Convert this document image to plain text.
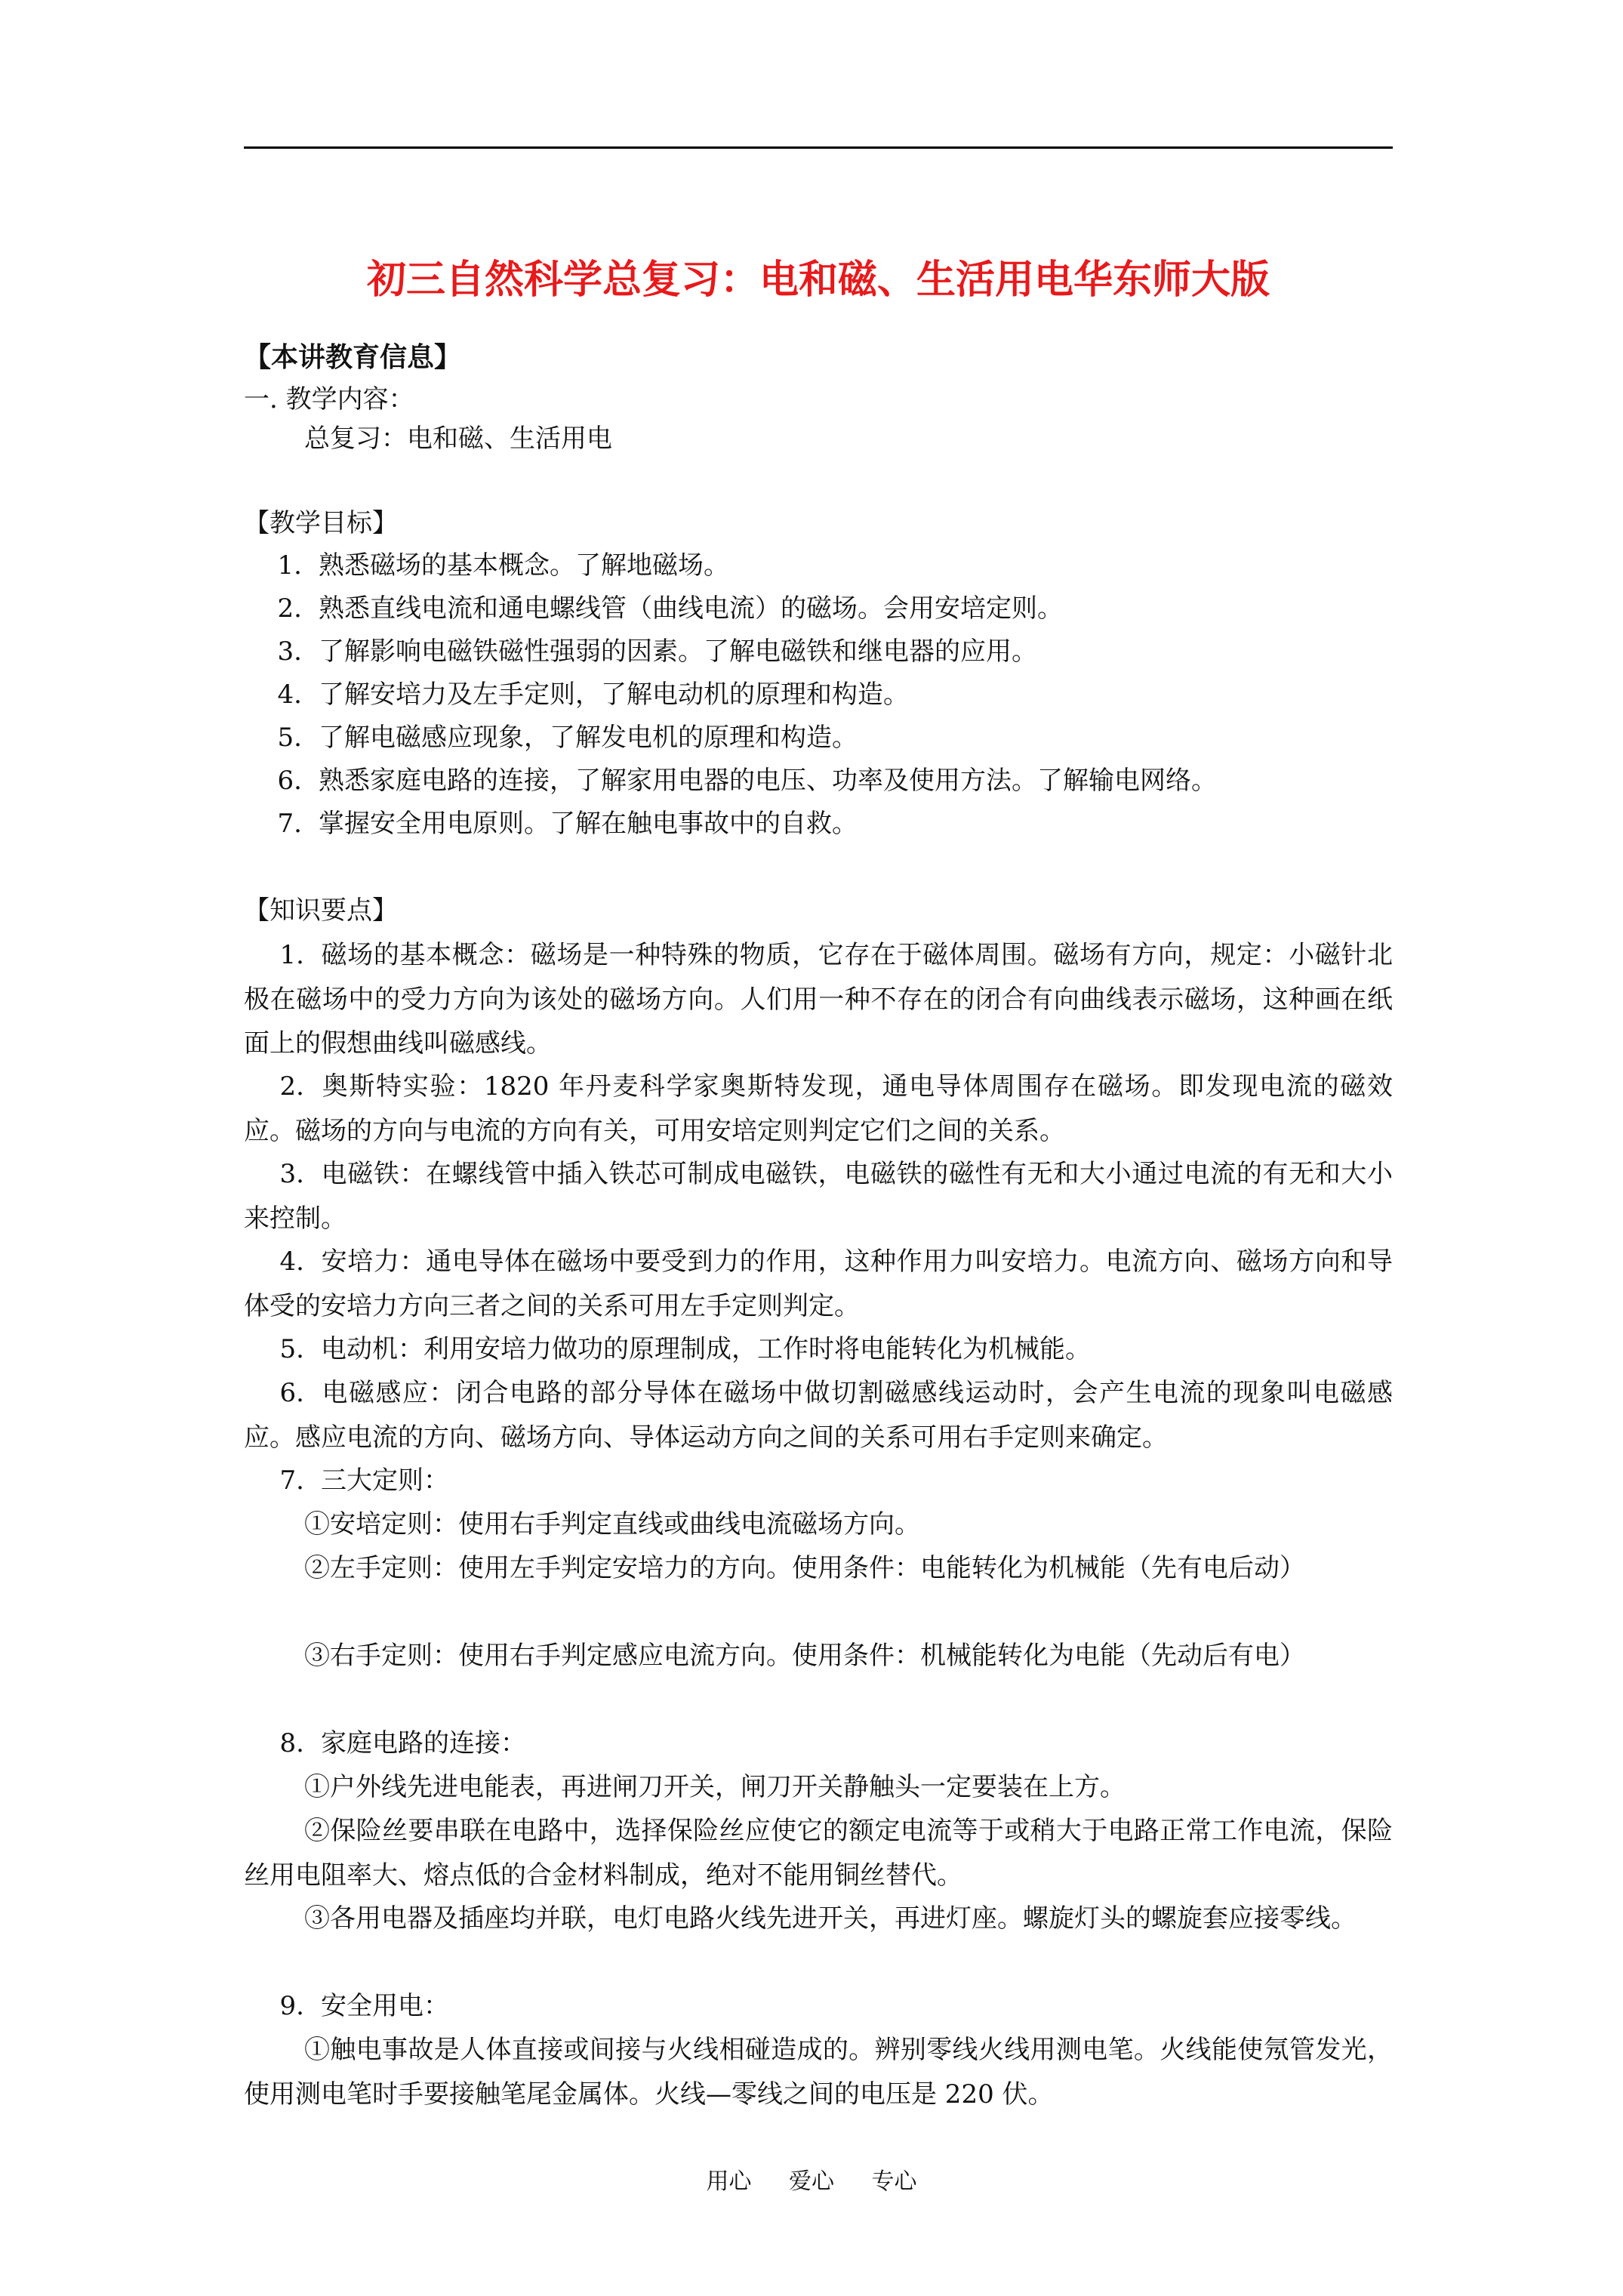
初三自然科学总复习：电和磁、生活用电华东师大版
【本讲教育信息】
一. 教学内容：
总复习：电和磁、生活用电
【教学目标】
1. 熟悉磁场的基本概念。了解地磁场。
2. 熟悉直线电流和通电螺线管（曲线电流）的磁场。会用安培定则。
3. 了解影响电磁铁磁性强弱的因素。了解电磁铁和继电器的应用。
4. 了解安培力及左手定则，了解电动机的原理和构造。
5. 了解电磁感应现象，了解发电机的原理和构造。
6. 熟悉家庭电路的连接，了解家用电器的电压、功率及使用方法。了解输电网络。
7. 掌握安全用电原则。了解在触电事故中的自救。
【知识要点】
1. 磁场的基本概念：磁场是一种特殊的物质，它存在于磁体周围。磁场有方向，规定：小磁针北极在磁场中的受力方向为该处的磁场方向。人们用一种不存在的闭合有向曲线表示磁场，这种画在纸面上的假想曲线叫磁感线。
2. 奥斯特实验：1820 年丹麦科学家奥斯特发现，通电导体周围存在磁场。即发现电流的磁效应。磁场的方向与电流的方向有关，可用安培定则判定它们之间的关系。
3. 电磁铁：在螺线管中插入铁芯可制成电磁铁，电磁铁的磁性有无和大小通过电流的有无和大小来控制。
4. 安培力：通电导体在磁场中要受到力的作用，这种作用力叫安培力。电流方向、磁场方向和导体受的安培力方向三者之间的关系可用左手定则判定。
5. 电动机：利用安培力做功的原理制成，工作时将电能转化为机械能。
6. 电磁感应：闭合电路的部分导体在磁场中做切割磁感线运动时，会产生电流的现象叫电磁感应。感应电流的方向、磁场方向、导体运动方向之间的关系可用右手定则来确定。
7. 三大定则：
①安培定则：使用右手判定直线或曲线电流磁场方向。
②左手定则：使用左手判定安培力的方向。使用条件：电能转化为机械能（先有电后动）
③右手定则：使用右手判定感应电流方向。使用条件：机械能转化为电能（先动后有电）
8. 家庭电路的连接：
①户外线先进电能表，再进闸刀开关，闸刀开关静触头一定要装在上方。
②保险丝要串联在电路中，选择保险丝应使它的额定电流等于或稍大于电路正常工作电流，保险丝用电阻率大、熔点低的合金材料制成，绝对不能用铜丝替代。
③各用电器及插座均并联，电灯电路火线先进开关，再进灯座。螺旋灯头的螺旋套应接零线。
9. 安全用电：
①触电事故是人体直接或间接与火线相碰造成的。辨别零线火线用测电笔。火线能使氖管发光，使用测电笔时手要接触笔尾金属体。火线—零线之间的电压是 220 伏。
用心 爱心 专心
